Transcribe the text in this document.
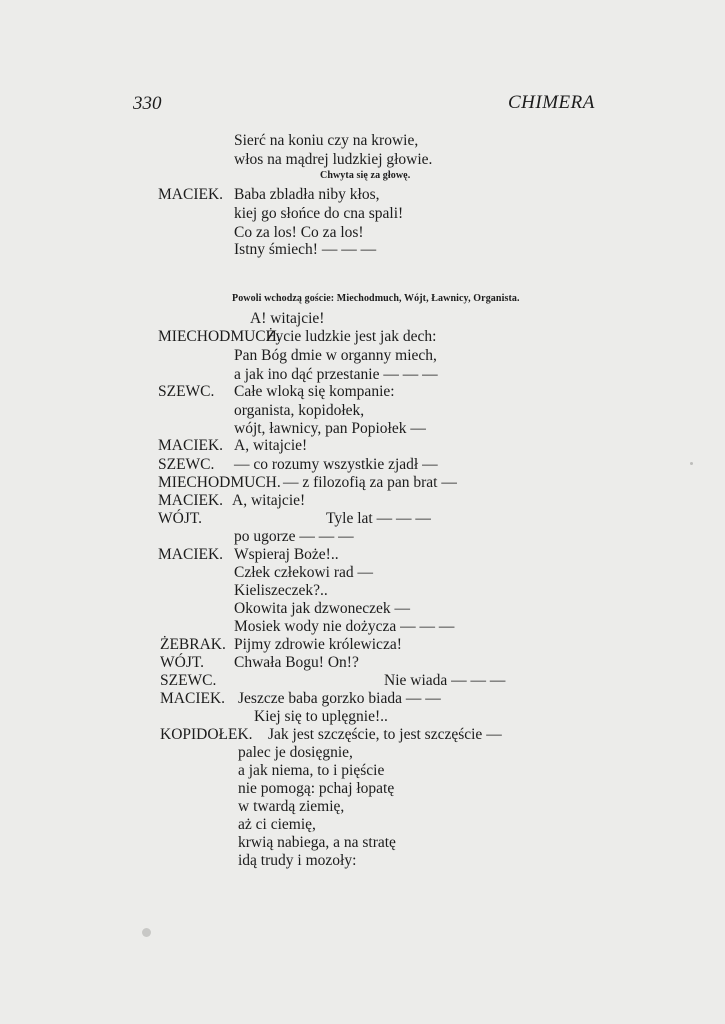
330	CHIMERA
Sierć na koniu czy na krowie,
włos na mądrej ludzkiej głowie.
Chwyta się za głowę.
MACIEK. Baba zbladła niby kłos,
kiej go słońce do cna spali!
Co za los! Co za los!
Istny śmiech! — — —
Powoli wchodzą goście: Miechodmuch, Wójt, Ławnicy, Organista.
A! witajcie!
MIECHODMUCH.
Życie ludzkie jest jak dech:
Pan Bóg dmie w organny miech,
a jak ino dąć przestanie — — —
SZEWC. Całe wloką się kompanie:
organista, kopidołek,
wójt, ławnicy, pan Popiołek —
MACIEK. A, witajcie!
SZEWC. — co rozumy wszystkie zjadł —
MIECHODMUCH. — z filozofią za pan brat —
MACIEK. A, witajcie!
WÓJT.	Tyle lat — — —
po ugorze — — —
MACIEK. Wspieraj Boże!..
Człek człekowi rad —
Kieliszeczek?..
Okowita jak dzwoneczek —
Mosiek wody nie dożycza — — —
ŻEBRAK. Pijmy zdrowie królewicza!
WÓJT. Chwała Bogu! On!?
SZEWC.	Nie wiada — — —
MACIEK. Jeszcze baba gorzko biada — —
Kiej się to uplęgnie!..
KOPIDOŁEK. Jak jest szczęście, to jest szczęście —
palec je dosięgnie,
a jak niema, to i pięście
nie pomogą: pchaj łopatę
w twardą ziemię,
aż ci ciemię,
krwią nabiega, a na stratę
idą trudy i mozoły:
